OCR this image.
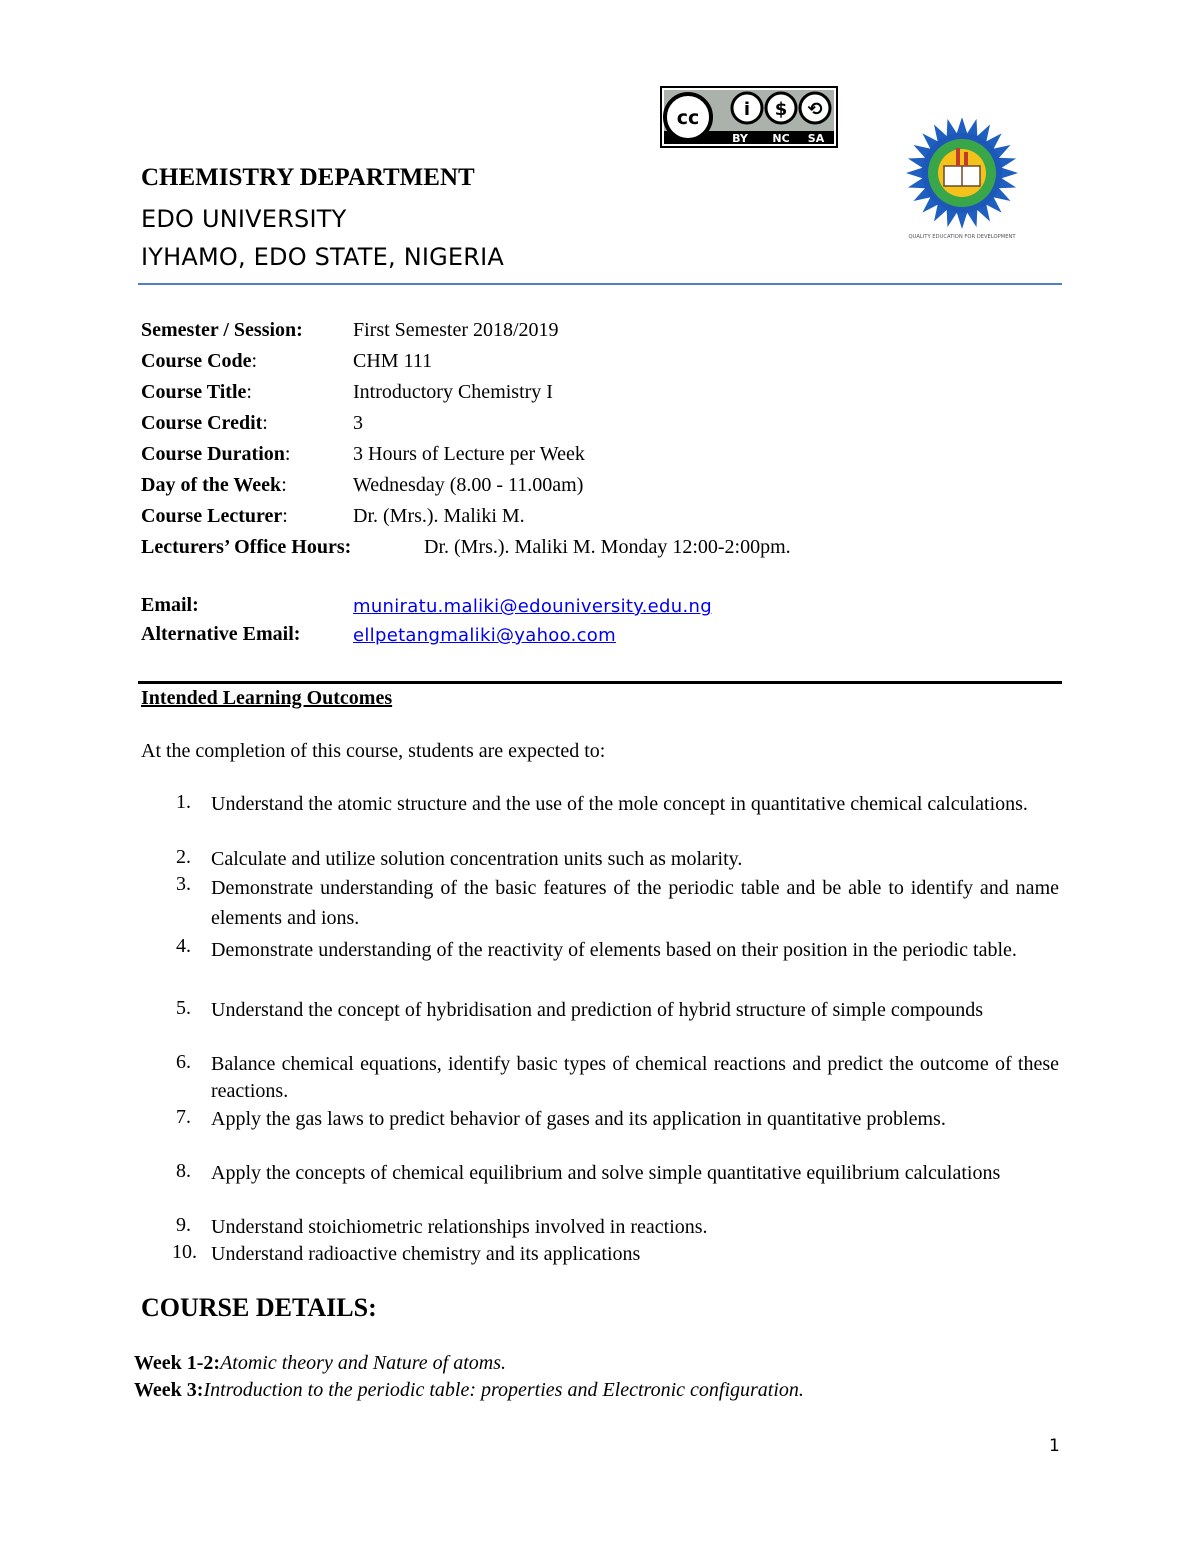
cc i $ ⟲
BY NC SA
QUALITY EDUCATION FOR DEVELOPMENT
CHEMISTRY DEPARTMENT
EDO UNIVERSITY
IYHAMO, EDO STATE, NIGERIA
Semester / Session:	First Semester 2018/2019
Course Code:	CHM 111
Course Title:	Introductory Chemistry I
Course Credit:	3
Course Duration:	3 Hours of Lecture per Week
Day of the Week:	Wednesday (8.00 - 11.00am)
Course Lecturer:	Dr. (Mrs.). Maliki M.
Lecturers’ Office Hours:	Dr. (Mrs.). Maliki M. Monday 12:00-2:00pm.
Email:	muniratu.maliki@edouniversity.edu.ng
Alternative Email:	ellpetangmaliki@yahoo.com
Intended Learning Outcomes
At the completion of this course, students are expected to:
1.	Understand the atomic structure and the use of the mole concept in quantitative chemical calculations.
2.	Calculate and utilize solution concentration units such as molarity.
3.	Demonstrate understanding of the basic features of the periodic table and be able to identify and name elements and ions.
4.	Demonstrate understanding of the reactivity of elements based on their position in the periodic table.
5.	Understand the concept of hybridisation and prediction of hybrid structure of simple compounds
6.	Balance chemical equations, identify basic types of chemical reactions and predict the outcome of these reactions.
7.	Apply the gas laws to predict behavior of gases and its application in quantitative problems.
8.	Apply the concepts of chemical equilibrium and solve simple quantitative equilibrium calculations
9.	Understand stoichiometric relationships involved in reactions.
10. Understand radioactive chemistry and its applications
COURSE DETAILS:
Week 1-2:Atomic theory and Nature of atoms.
Week 3:Introduction to the periodic table: properties and Electronic configuration.
1
